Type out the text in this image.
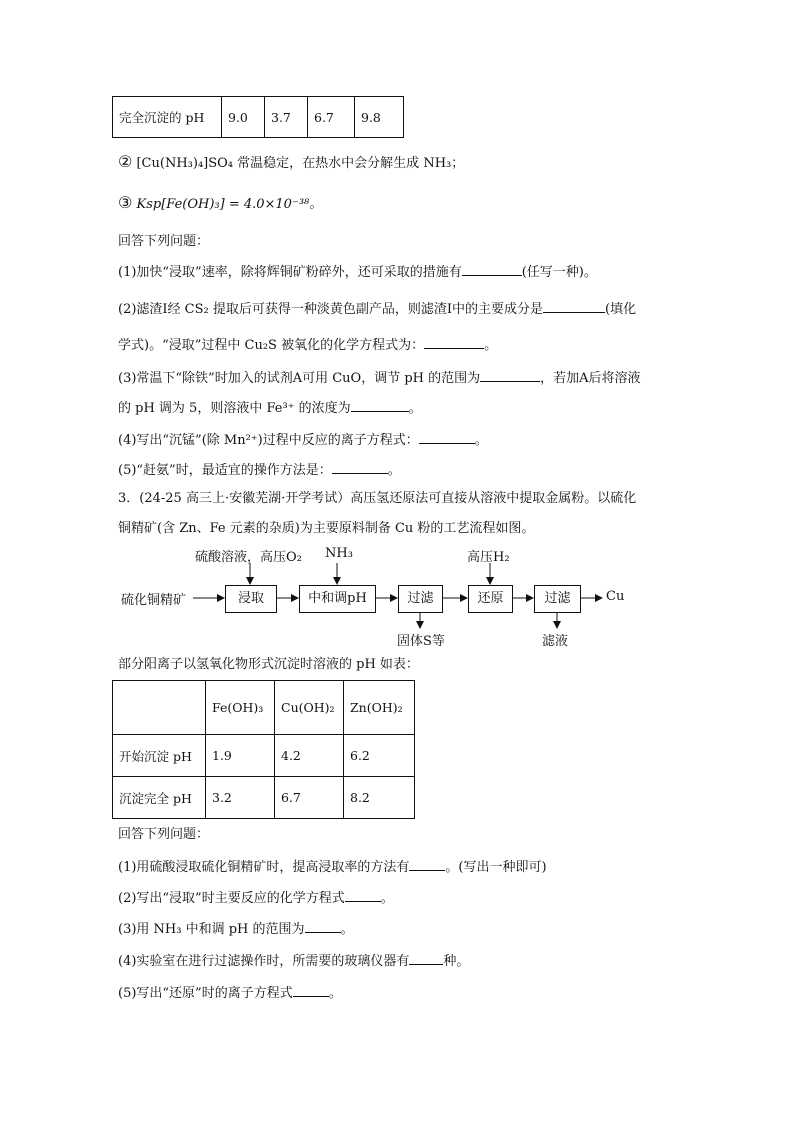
完全沉淀的 pH	9.0	3.7	6.7	9.8
② [Cu(NH₃)₄]SO₄ 常温稳定，在热水中会分解生成 NH₃；
③ Ksp[Fe(OH)₃] = 4.0×10⁻³⁸。
回答下列问题：
(1)加快“浸取”速率，除将辉铜矿粉碎外，还可采取的措施有	(任写一种)。
(2)滤渣Ⅰ经 CS₂ 提取后可获得一种淡黄色副产品，则滤渣Ⅰ中的主要成分是	(填化
学式)。“浸取”过程中 Cu₂S 被氧化的化学方程式为：	。
(3)常温下“除铁”时加入的试剂A可用 CuO，调节 pH 的范围为	，若加A后将溶液
的 pH 调为 5，则溶液中 Fe³⁺ 的浓度为	。
(4)写出“沉锰”(除 Mn²⁺)过程中反应的离子方程式：	。
(5)“赶氨”时，最适宜的操作方法是：	。
3．(24-25 高三上·安徽芜湖·开学考试）高压氢还原法可直接从溶液中提取金属粉。以硫化
铜精矿(含 Zn、Fe 元素的杂质)为主要原料制备 Cu 粉的工艺流程如图。
硫化铜精矿
硫酸溶液，高压O₂ NH₃	高压H₂
浸取	中和调pH	过滤	还原	过滤	Cu
固体S等	滤液
部分阳离子以氢氧化物形式沉淀时溶液的 pH 如表：
	Fe(OH)₃	Cu(OH)₂	Zn(OH)₂
开始沉淀 pH	1.9	4.2	6.2
沉淀完全 pH	3.2	6.7	8.2
回答下列问题：
(1)用硫酸浸取硫化铜精矿时，提高浸取率的方法有	。(写出一种即可)
(2)写出“浸取”时主要反应的化学方程式	。
(3)用 NH₃ 中和调 pH 的范围为	。
(4)实验室在进行过滤操作时，所需要的玻璃仪器有	种。
(5)写出“还原”时的离子方程式	。
